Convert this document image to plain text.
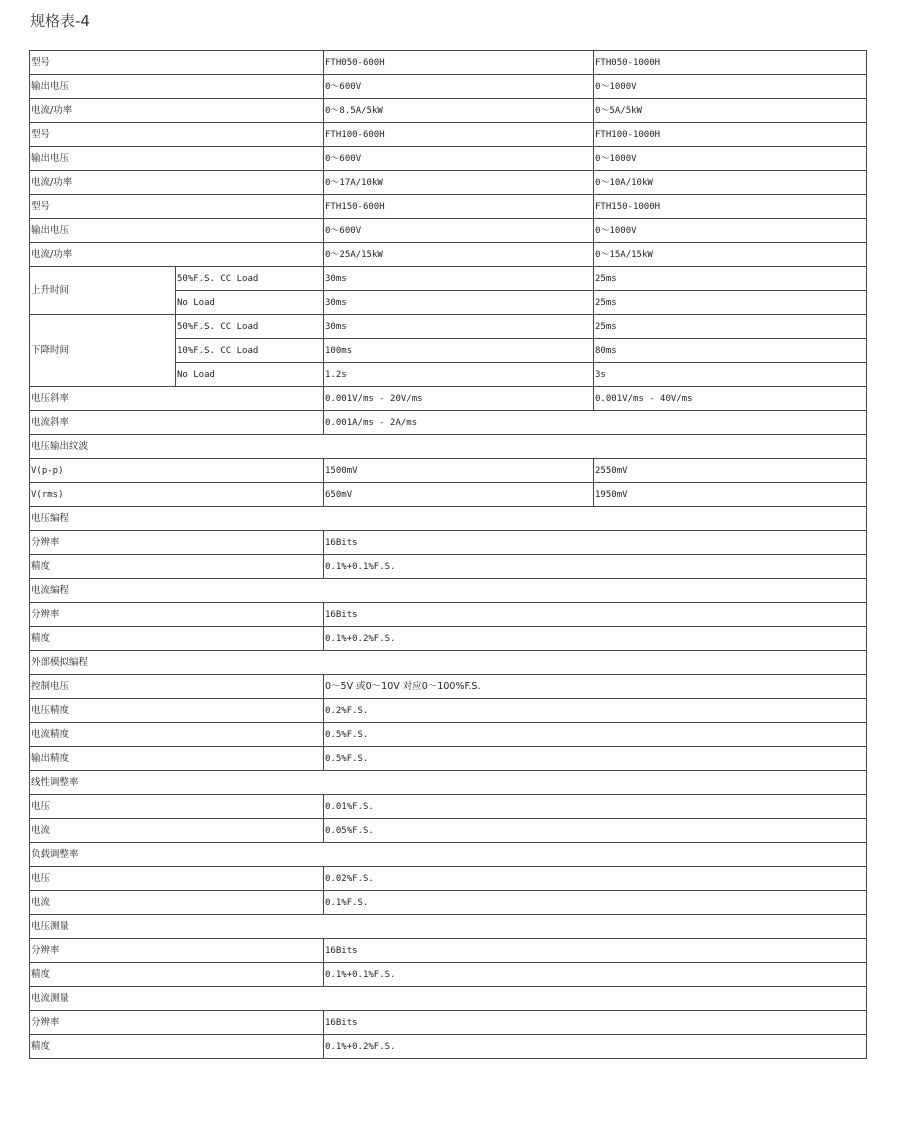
规格表-4
型号		FTH050-600H	FTH050-1000H
输出电压		0～600V	0～1000V
电流/功率		0～8.5A/5kW	0～5A/5kW
型号		FTH100-600H	FTH100-1000H
输出电压		0～600V	0～1000V
电流/功率		0～17A/10kW	0～10A/10kW
型号		FTH150-600H	FTH150-1000H
输出电压		0～600V	0～1000V
电流/功率		0～25A/15kW	0～15A/15kW
上升时间	50%F.S. CC Load	30ms	25ms
	No Load	30ms	25ms
下降时间	50%F.S. CC Load	30ms	25ms
	10%F.S. CC Load	100ms	80ms
	No Load	1.2s	3s
电压斜率		0.001V/ms - 20V/ms	0.001V/ms - 40V/ms
电流斜率		0.001A/ms - 2A/ms	
电压输出纹波			
V(p-p)		1500mV	2550mV
V(rms)		650mV	1950mV
电压编程			
分辨率		16Bits	
精度		0.1%+0.1%F.S.	
电流编程			
分辨率		16Bits	
精度		0.1%+0.2%F.S.	
外部模拟编程			
控制电压		0～5V 或0～10V 对应0～100%F.S.	
电压精度		0.2%F.S.	
电流精度		0.5%F.S.	
输出精度		0.5%F.S.	
线性调整率			
电压		0.01%F.S.	
电流		0.05%F.S.	
负载调整率			
电压		0.02%F.S.	
电流		0.1%F.S.	
电压测量			
分辨率		16Bits	
精度		0.1%+0.1%F.S.	
电流测量			
分辨率		16Bits	
精度		0.1%+0.2%F.S.	
